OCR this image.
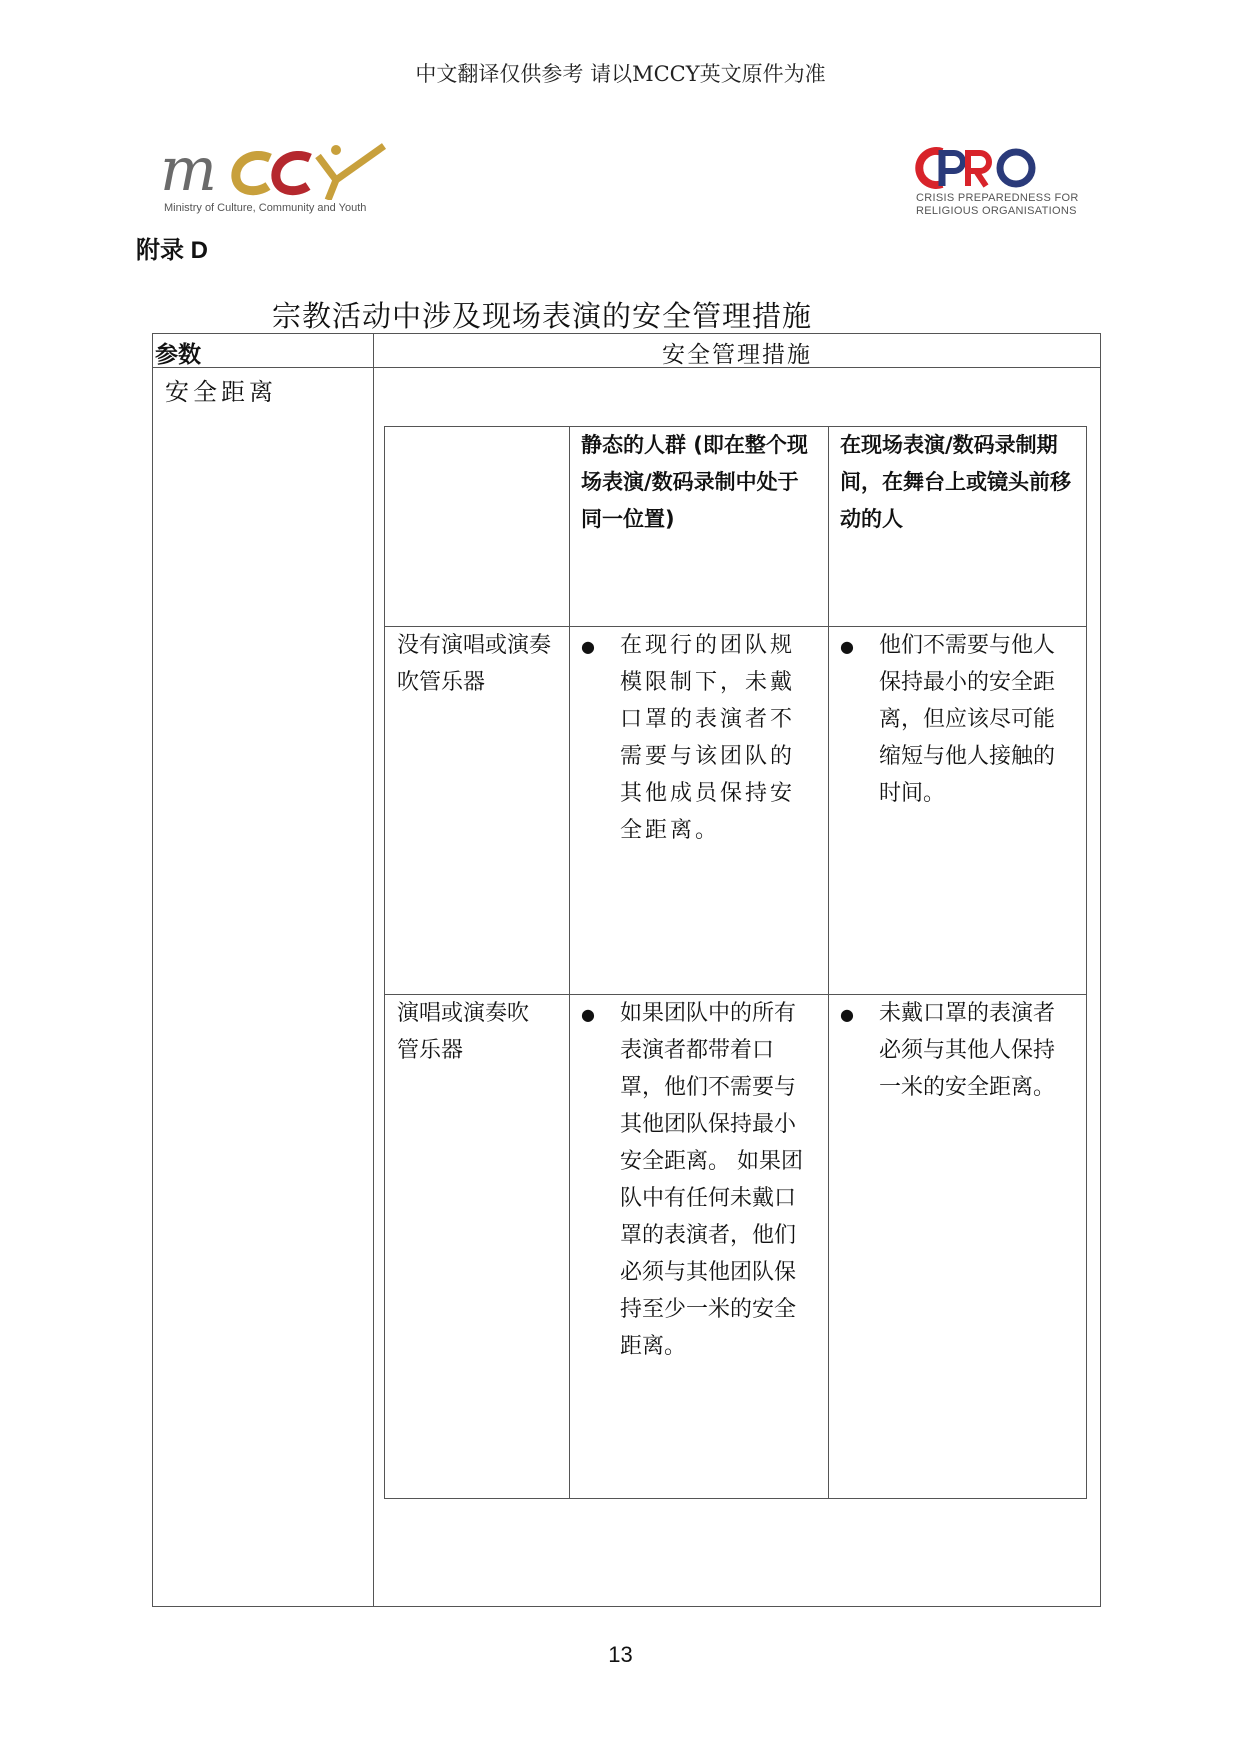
中文翻译仅供参考 请以MCCY英文原件为准
m
Ministry of Culture, Community and Youth
CRISIS PREPAREDNESS FOR
RELIGIOUS ORGANISATIONS
附录 D
宗教活动中涉及现场表演的安全管理措施
参数	安全管理措施
安全距离
静态的人群 (即在整个现场表演/数码录制中处于同一位置)
在现场表演/数码录制期间，在舞台上或镜头前移动的人
没有演唱或演奏吹管乐器
● 在现行的团队规模限制下，未戴口罩的表演者不需要与该团队的其他成员保持安全距离。
● 他们不需要与他人保持最小的安全距离，但应该尽可能缩短与他人接触的时间。
演唱或演奏吹管乐器
● 如果团队中的所有表演者都带着口罩，他们不需要与其他团队保持最小安全距离。 如果团队中有任何未戴口罩的表演者，他们必须与其他团队保持至少一米的安全距离。
● 未戴口罩的表演者必须与其他人保持一米的安全距离。
13
